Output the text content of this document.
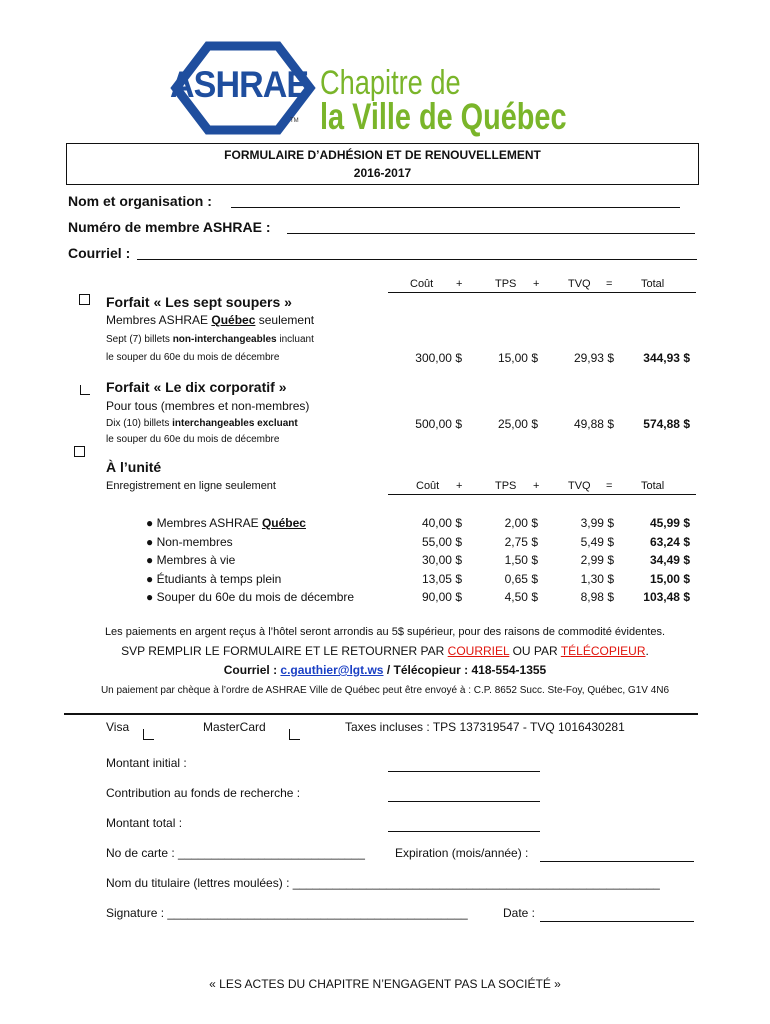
ASHRAE
TM
Chapitre de
la Ville de Québec
FORMULAIRE D’ADHÉSION ET DE RENOUVELLEMENT
2016-2017
Nom et organisation :
Numéro de membre ASHRAE :
Courriel :
Coût +	TPS +	TVQ =	Total
Forfait « Les sept soupers »
Membres ASHRAE Québec seulement
Sept (7) billets non-interchangeables incluant
le souper du 60e du mois de décembre	300,00 $	15,00 $	29,93 $	344,93 $
Forfait « Le dix corporatif »
Pour tous (membres et non-membres)
Dix (10) billets interchangeables excluant
le souper du 60e du mois de décembre
500,00 $	25,00 $	49,88 $	574,88 $
À l’unité
Enregistrement en ligne seulement	Coût +	TPS +	TVQ =	Total
● Membres ASHRAE Québec	40,00 $	2,00 $	3,99 $	45,99 $
● Non-membres	55,00 $	2,75 $	5,49 $	63,24 $
● Membres à vie	30,00 $	1,50 $	2,99 $	34,49 $
● Étudiants à temps plein	13,05 $	0,65 $	1,30 $	15,00 $
● Souper du 60e du mois de décembre	90,00 $	4,50 $	8,98 $	103,48 $
Les paiements en argent reçus à l’hôtel seront arrondis au 5$ supérieur, pour des raisons de commodité évidentes.
SVP REMPLIR LE FORMULAIRE ET LE RETOURNER PAR COURRIEL OU PAR TÉLÉCOPIEUR.
Courriel : c.gauthier@lgt.ws / Télécopieur : 418-554-1355
Un paiement par chèque à l’ordre de ASHRAE Ville de Québec peut être envoyé à : C.P. 8652 Succ. Ste-Foy, Québec, G1V 4N6
Visa	MasterCard	Taxes incluses : TPS 137319547 - TVQ 1016430281
Montant initial :
Contribution au fonds de recherche :
Montant total :
No de carte : ____________________________	Expiration (mois/année) :
Nom du titulaire (lettres moulées) : _______________________________________________________
Signature : _____________________________________________	Date :
« LES ACTES DU CHAPITRE N’ENGAGENT PAS LA SOCIÉTÉ »
